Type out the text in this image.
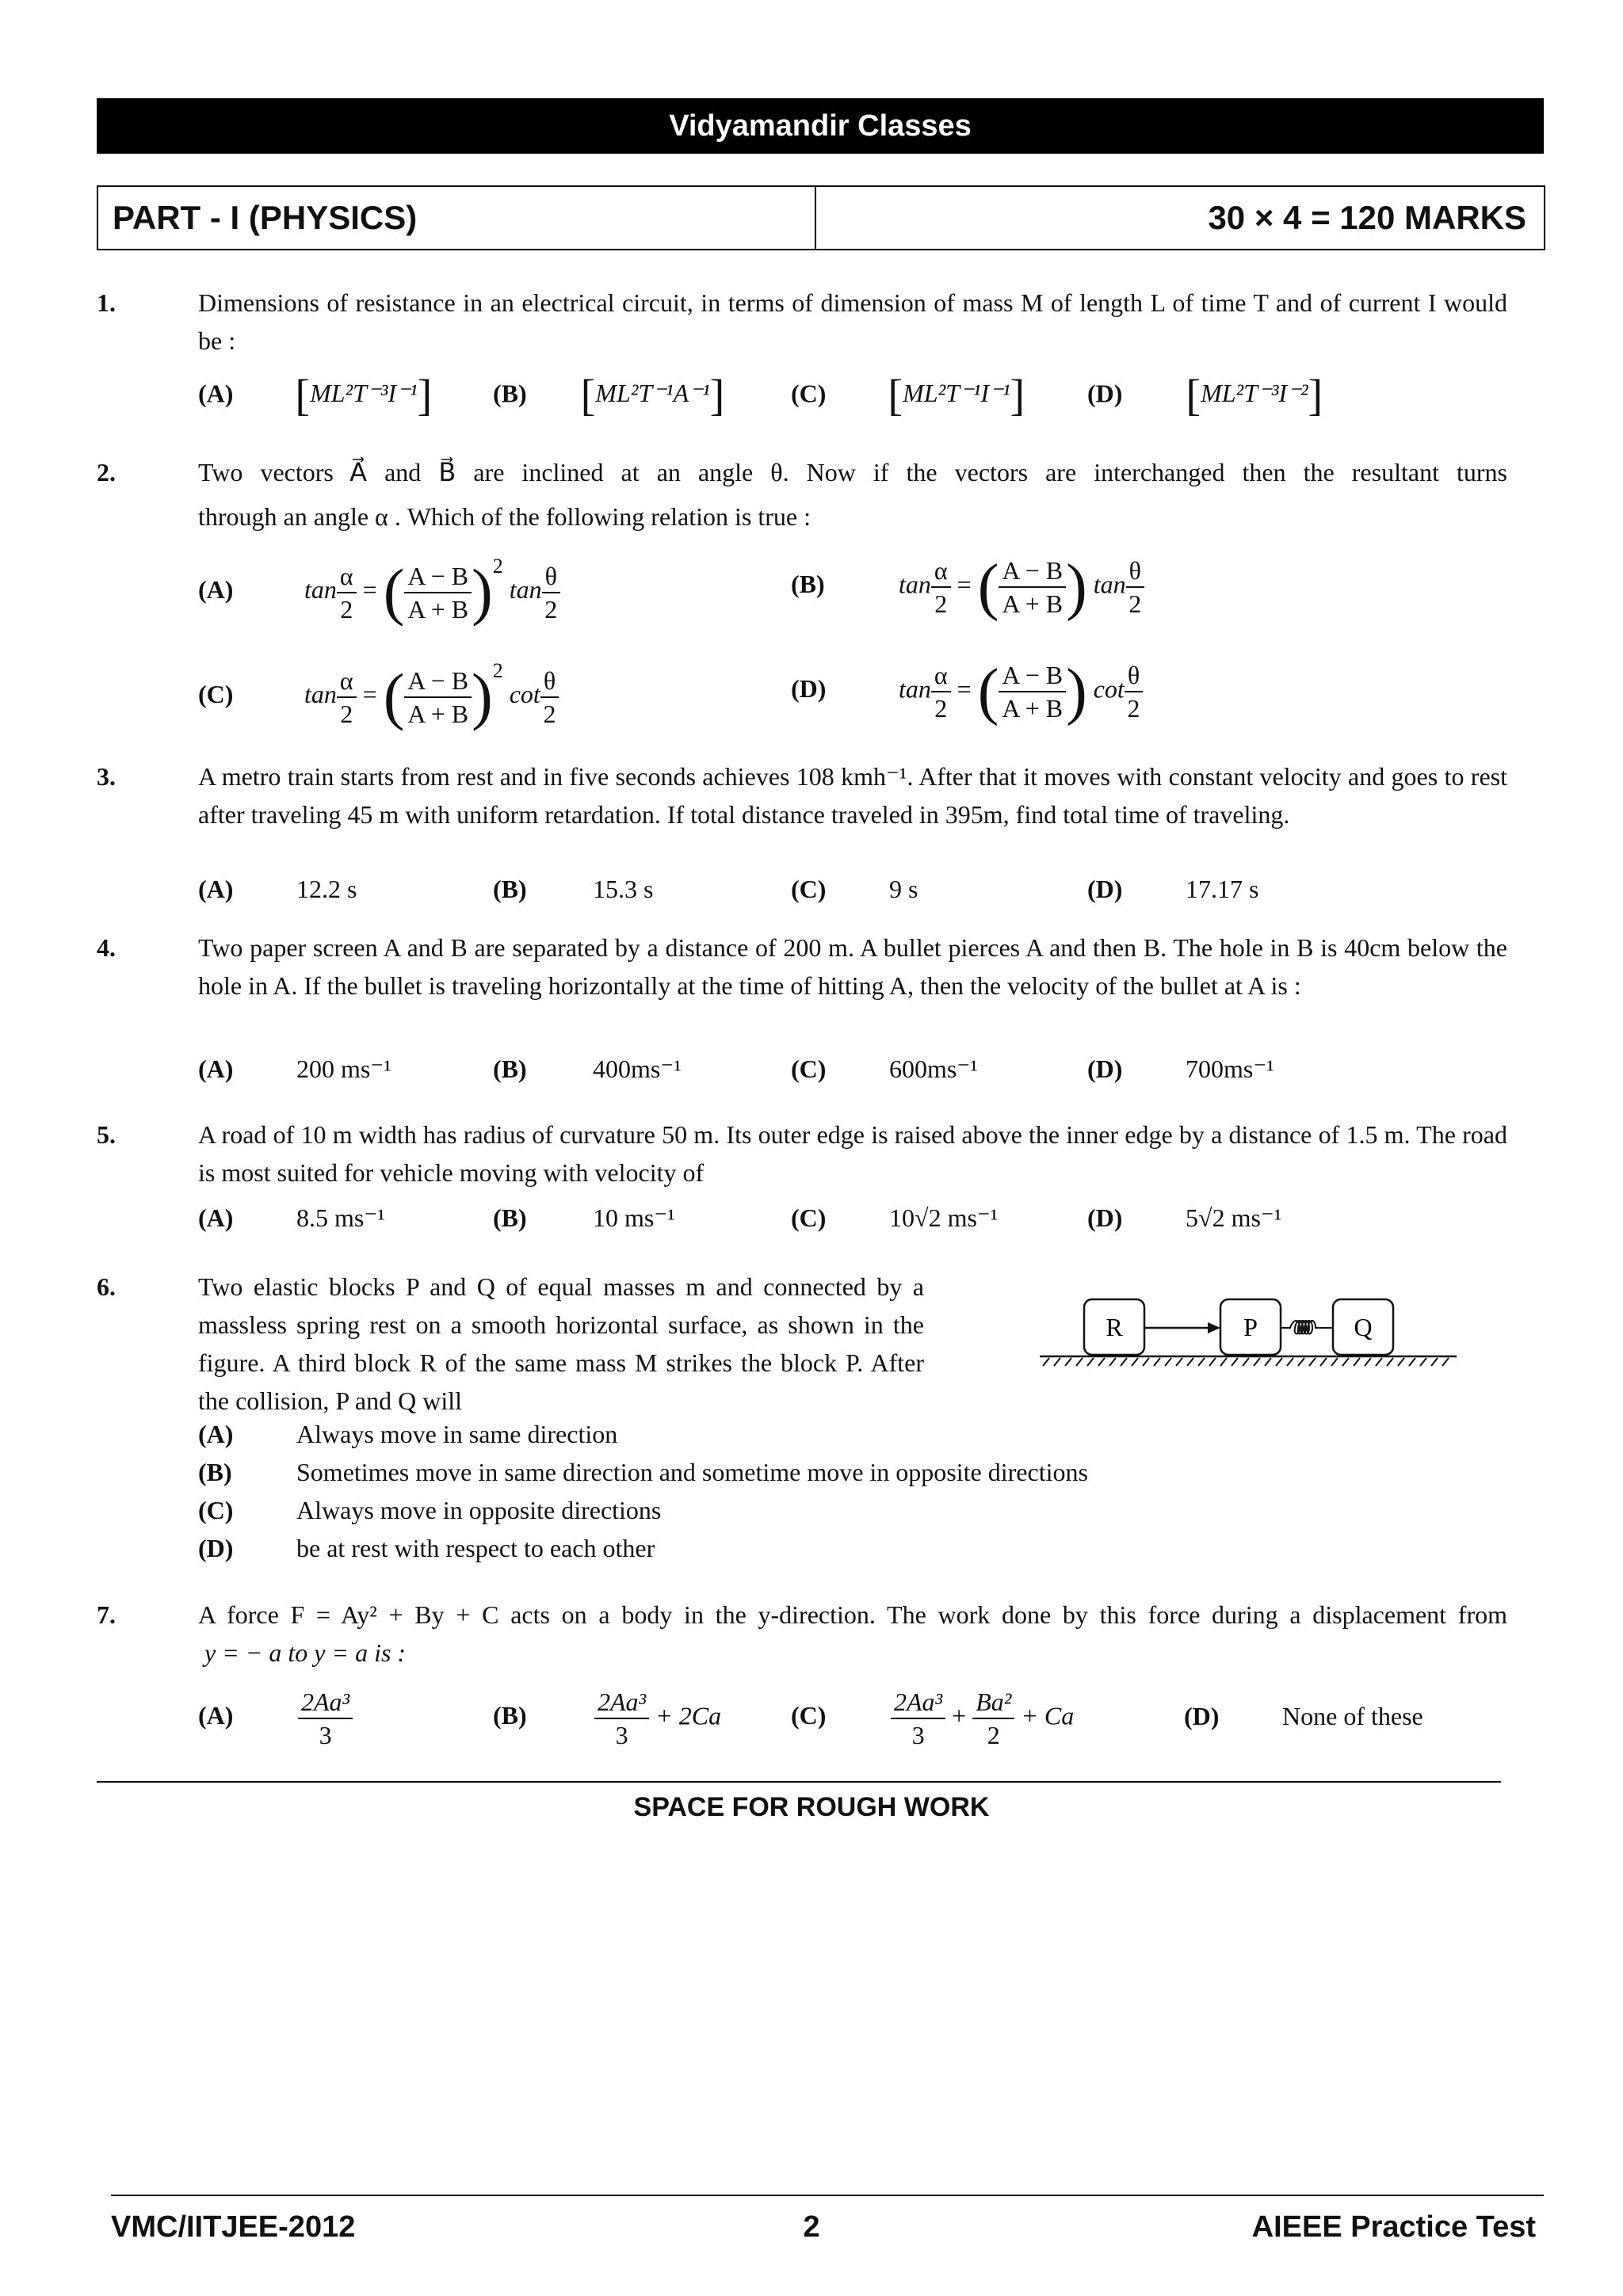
Vidyamandir Classes
PART - I (PHYSICS)	30 × 4 = 120 MARKS
1.	Dimensions of resistance in an electrical circuit, in terms of dimension of mass M of length L of time T and of current I would be :
(A) [ML²T⁻³I⁻¹] (B) [ML²T⁻¹A⁻¹]	(C) [ML²T⁻¹I⁻¹] (D) [ML²T⁻³I⁻²]
2.	Two vectors A⃗ and B⃗ are inclined at an angle θ. Now if the vectors are interchanged then the resultant turns
through an angle α . Which of the following relation is true :
(A)	$\tan \frac{\alpha}{2}$ = ( $\frac{A - B}{A + B} )^2$ $\tan \frac{\theta}{2}$	(B)	$\tan \frac{\alpha}{2}$ = ( $\frac{A - B}{A + B}$ ) $\tan \frac{\theta}{2}$
(C)	$\tan \frac{\alpha}{2}$ = ( $\frac{A - B}{A + B} )^2$ $\cot \frac{\theta}{2}$	(D)	$\tan \frac{\alpha}{2}$ = ( $\frac{A - B}{A + B}$ ) $\cot \frac{\theta}{2}$
3.	A metro train starts from rest and in five seconds achieves 108 kmh⁻¹. After that it moves with constant velocity and goes to rest after traveling 45 m with uniform retardation. If total distance traveled in 395m, find total time of traveling.
(A) 12.2 s	(B)	15.3 s	(C) 9 s	(D) 17.17 s
4.	Two paper screen A and B are separated by a distance of 200 m. A bullet pierces A and then B. The hole in B is 40cm below the hole in A. If the bullet is traveling horizontally at the time of hitting A, then the velocity of the bullet at A is :
(A) 200 ms⁻¹	(B)	400ms⁻¹	(C) 600ms⁻¹	(D) 700ms⁻¹
5.	A road of 10 m width has radius of curvature 50 m. Its outer edge is raised above the inner edge by a distance of 1.5 m. The road is most suited for vehicle moving with velocity of
(A) 8.5 ms⁻¹	(B)	10 ms⁻¹	(C) 10√2 ms⁻¹	(D) 5√2 ms⁻¹
6.	Two elastic blocks P and Q of equal masses m and connected by a massless spring rest on a smooth horizontal surface, as shown in the figure. A third block R of the same mass M strikes the block P. After the collision, P and Q will
R	P	Q
(A) Always move in same direction
(B)	Sometimes move in same direction and sometime move in opposite directions
(C) Always move in opposite directions
(D) be at rest with respect to each other
7.	A force F = Ay² + By + C acts on a body in the y-direction. The work done by this force during a displacement from
y = − a to y = a is :
(A)	$\frac{\text{2Aa³}}{3}$	(B)	$\frac{\text{2Aa³}}{3} + 2Ca$	(C)	$\frac{\text{2Aa³}}{3} + \frac{\text{Ba²}}{2} + Ca$	(D) None of these
SPACE FOR ROUGH WORK
VMC/IITJEE-2012	2	AIEEE Practice Test
